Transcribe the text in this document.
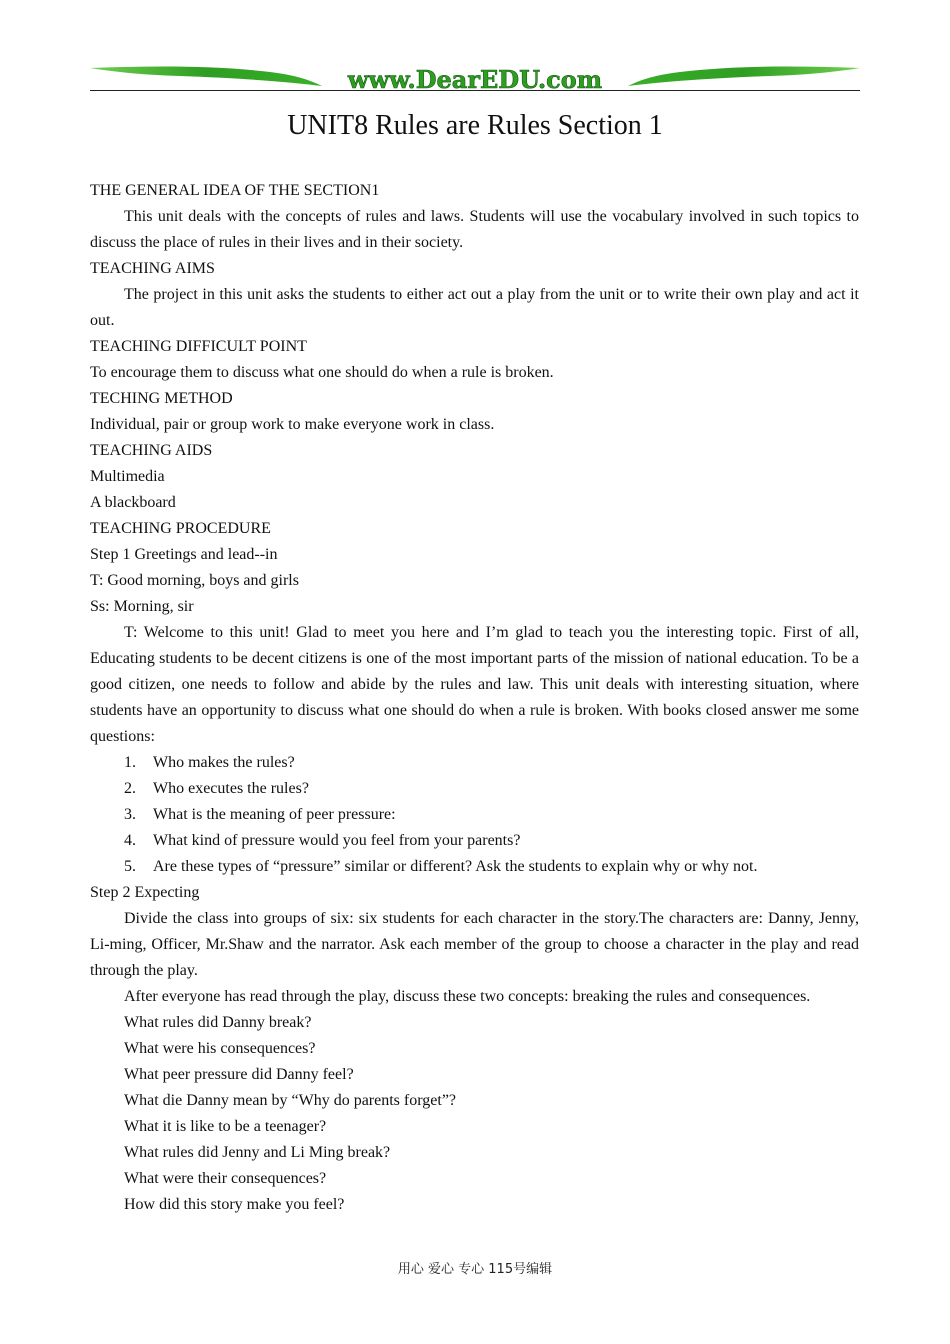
www.DearEDU.com
UNIT8 Rules are Rules Section 1

THE GENERAL IDEA OF THE SECTION1

This unit deals with the concepts of rules and laws. Students will use the vocabulary involved in such topics to discuss the place of rules in their lives and in their society.

TEACHING AIMS

The project in this unit asks the students to either act out a play from the unit or to write their own play and act it out.

TEACHING DIFFICULT POINT

To encourage them to discuss what one should do when a rule is broken.

TECHING METHOD

Individual, pair or group work to make everyone work in class.

TEACHING AIDS

Multimedia

A blackboard

TEACHING PROCEDURE

Step 1 Greetings and lead--in

T: Good morning, boys and girls

Ss: Morning, sir

T: Welcome to this unit! Glad to meet you here and I’m glad to teach you the interesting topic. First of all, Educating students to be decent citizens is one of the most important parts of the mission of national education. To be a good citizen, one needs to follow and abide by the rules and law. This unit deals with interesting situation, where students have an opportunity to discuss what one should do when a rule is broken. With books closed answer me some questions:

1. Who makes the rules?

2. Who executes the rules?

3. What is the meaning of peer pressure:

4. What kind of pressure would you feel from your parents?

5. Are these types of “pressure” similar or different? Ask the students to explain why or why not.

Step 2 Expecting

Divide the class into groups of six: six students for each character in the story.The characters are: Danny, Jenny, Li-ming, Officer, Mr.Shaw and the narrator. Ask each member of the group to choose a character in the play and read through the play.

After everyone has read through the play, discuss these two concepts: breaking the rules and consequences.

What rules did Danny break?

What were his consequences?

What peer pressure did Danny feel?

What die Danny mean by “Why do parents forget”?

What it is like to be a teenager?

What rules did Jenny and Li Ming break?

What were their consequences?

How did this story make you feel?

用心 爱心 专心 115号编辑
